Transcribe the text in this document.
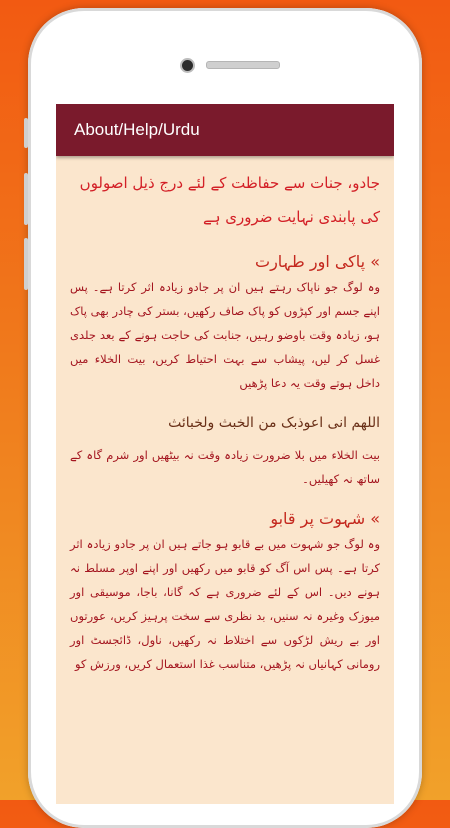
About/Help/Urdu

جادو، جنات سے حفاظت کے لئے درج ذیل اصولوں کی پابندی نہایت ضروری ہے

» پاکی اور طہارت

وہ لوگ جو ناپاک رہتے ہیں ان پر جادو زیادہ اثر کرتا ہے۔ پس اپنے جسم اور کپڑوں کو پاک صاف رکھیں، بستر کی چادر بھی پاک ہو، زیادہ وقت باوضو رہیں، جنابت کی حاجت ہونے کے بعد جلدی غسل کر لیں، پیشاب سے بہت احتیاط کریں، بیت الخلاء میں داخل ہوتے وقت یہ دعا پڑھیں

اللھم انی اعوذبک من الخبث ولخبائث

بیت الخلاء میں بلا ضرورت زیادہ وقت نہ بیٹھیں اور شرم گاہ کے ساتھ نہ کھیلیں۔

» شہوت پر قابو

وہ لوگ جو شہوت میں بے قابو ہو جاتے ہیں ان پر جادو زیادہ اثر کرتا ہے۔ پس اس آگ کو قابو میں رکھیں اور اپنے اوپر مسلط نہ ہونے دیں۔ اس کے لئے ضروری ہے کہ گانا، باجا، موسیقی اور میوزک وغیرہ نہ سنیں، بد نظری سے سخت پرہیز کریں، عورتوں اور بے ریش لڑکوں سے اختلاط نہ رکھیں، ناول، ڈائجسٹ اور رومانی کہانیاں نہ پڑھیں، متناسب غذا استعمال کریں، ورزش کو
